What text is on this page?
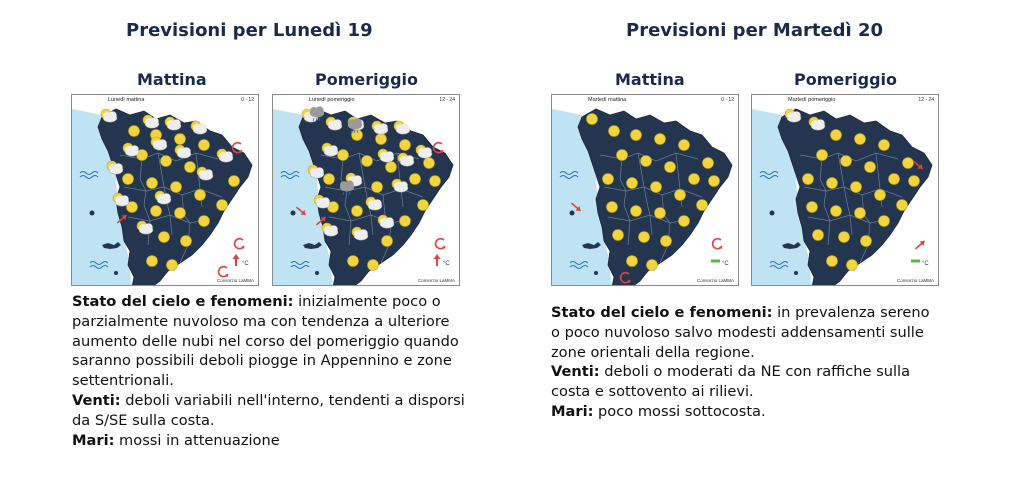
Previsioni per Lunedì 19
Mattina	Pomeriggio
°C
Lunedì mattina	0 - 12
Consorzio LaMMA
°C
Lunedì pomeriggio	12 - 24
Consorzio LaMMA

Stato del cielo e fenomeni: inizialmente poco o parzialmente nuvoloso ma con tendenza a ulteriore aumento delle nubi nel corso del pomeriggio quando saranno possibili deboli piogge in Appennino e zone settentrionali.

Venti: deboli variabili nell'interno, tendenti a disporsi da S/SE sulla costa.

Mari: mossi in attenuazione

Previsioni per Martedì 20
Mattina	Pomeriggio
°C
Martedì mattina	0 - 12
Consorzio LaMMA
°C
Martedì pomeriggio	12 - 24
Consorzio LaMMA

Stato del cielo e fenomeni: in prevalenza sereno o poco nuvoloso salvo modesti addensamenti sulle zone orientali della regione.

Venti: deboli o moderati da NE con raffiche sulla costa e sottovento ai rilievi.

Mari: poco mossi sottocosta.
